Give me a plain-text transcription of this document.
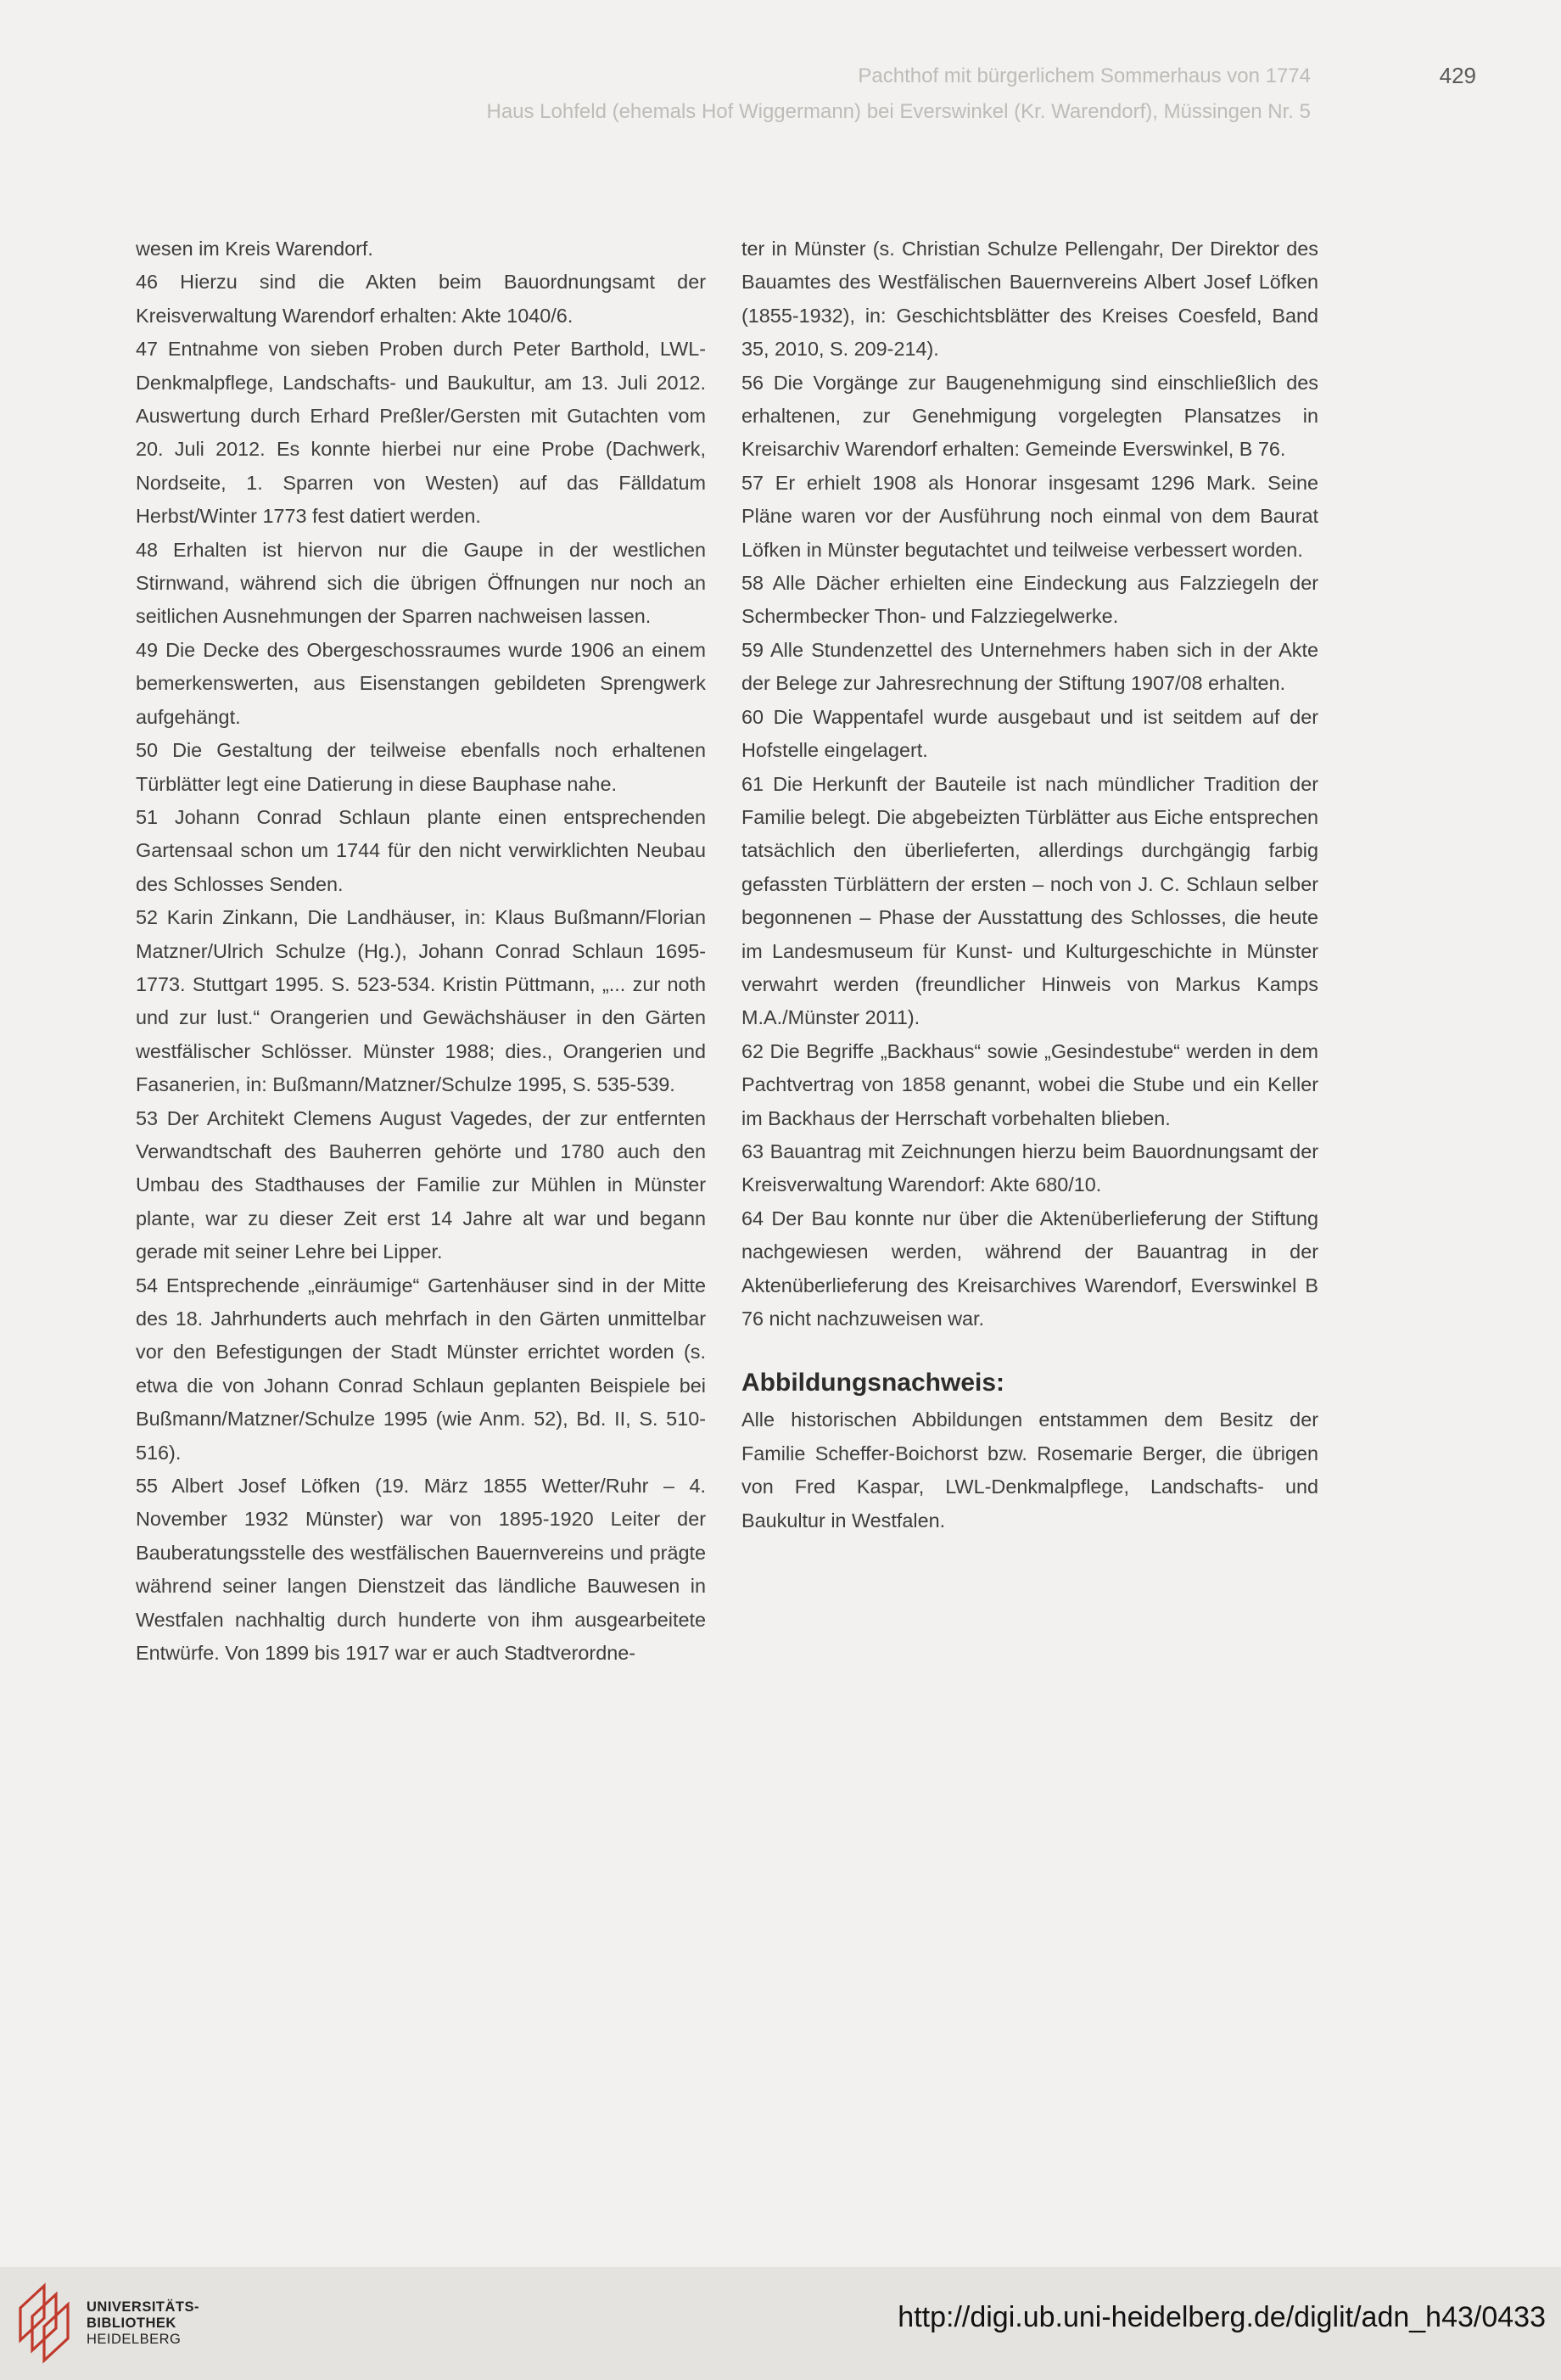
Pachthof mit bürgerlichem Sommerhaus von 1774

Haus Lohfeld (ehemals Hof Wiggermann) bei Everswinkel (Kr. Warendorf), Müssingen Nr. 5

429

wesen im Kreis Warendorf.

46 Hierzu sind die Akten beim Bauordnungsamt der Kreisverwaltung Warendorf erhalten: Akte 1040/6.

47 Entnahme von sieben Proben durch Peter Barthold, LWL-Denkmalpflege, Landschafts- und Baukultur, am 13. Juli 2012. Auswertung durch Erhard Preßler/Gersten mit Gutachten vom 20. Juli 2012. Es konnte hierbei nur eine Probe (Dachwerk, Nordseite, 1. Sparren von Westen) auf das Fälldatum Herbst/Winter 1773 fest datiert werden.

48 Erhalten ist hiervon nur die Gaupe in der westlichen Stirnwand, während sich die übrigen Öffnungen nur noch an seitlichen Ausnehmungen der Sparren nachweisen lassen.

49 Die Decke des Obergeschossraumes wurde 1906 an einem bemerkenswerten, aus Eisenstangen gebildeten Sprengwerk aufgehängt.

50 Die Gestaltung der teilweise ebenfalls noch erhaltenen Türblätter legt eine Datierung in diese Bauphase nahe.

51 Johann Conrad Schlaun plante einen entsprechenden Gartensaal schon um 1744 für den nicht verwirklichten Neubau des Schlosses Senden.

52 Karin Zinkann, Die Landhäuser, in: Klaus Bußmann/Florian Matzner/Ulrich Schulze (Hg.), Johann Conrad Schlaun 1695-1773. Stuttgart 1995. S. 523-534. Kristin Püttmann, „... zur noth und zur lust.“ Orangerien und Gewächshäuser in den Gärten westfälischer Schlösser. Münster 1988; dies., Orangerien und Fasanerien, in: Bußmann/Matzner/Schulze 1995, S. 535-539.

53 Der Architekt Clemens August Vagedes, der zur entfernten Verwandtschaft des Bauherren gehörte und 1780 auch den Umbau des Stadthauses der Familie zur Mühlen in Münster plante, war zu dieser Zeit erst 14 Jahre alt war und begann gerade mit seiner Lehre bei Lipper.

54 Entsprechende „einräumige“ Gartenhäuser sind in der Mitte des 18. Jahrhunderts auch mehrfach in den Gärten unmittelbar vor den Befestigungen der Stadt Münster errichtet worden (s. etwa die von Johann Conrad Schlaun geplanten Beispiele bei Bußmann/Matzner/Schulze 1995 (wie Anm. 52), Bd. II, S. 510-516).

55 Albert Josef Löfken (19. März 1855 Wetter/Ruhr – 4. November 1932 Münster) war von 1895-1920 Leiter der Bauberatungsstelle des westfälischen Bauernvereins und prägte während seiner langen Dienstzeit das ländliche Bauwesen in Westfalen nachhaltig durch hunderte von ihm ausgearbeitete Entwürfe. Von 1899 bis 1917 war er auch Stadtverordne-

ter in Münster (s. Christian Schulze Pellengahr, Der Direktor des Bauamtes des Westfälischen Bauernvereins Albert Josef Löfken (1855-1932), in: Geschichtsblätter des Kreises Coesfeld, Band 35, 2010, S. 209-214).

56 Die Vorgänge zur Baugenehmigung sind einschließlich des erhaltenen, zur Genehmigung vorgelegten Plansatzes in Kreisarchiv Warendorf erhalten: Gemeinde Everswinkel, B 76.

57 Er erhielt 1908 als Honorar insgesamt 1296 Mark. Seine Pläne waren vor der Ausführung noch einmal von dem Baurat Löfken in Münster begutachtet und teilweise verbessert worden.

58 Alle Dächer erhielten eine Eindeckung aus Falzziegeln der Schermbecker Thon- und Falzziegelwerke.

59 Alle Stundenzettel des Unternehmers haben sich in der Akte der Belege zur Jahresrechnung der Stiftung 1907/08 erhalten.

60 Die Wappentafel wurde ausgebaut und ist seitdem auf der Hofstelle eingelagert.

61 Die Herkunft der Bauteile ist nach mündlicher Tradition der Familie belegt. Die abgebeizten Türblätter aus Eiche entsprechen tatsächlich den überlieferten, allerdings durchgängig farbig gefassten Türblättern der ersten – noch von J. C. Schlaun selber begonnenen – Phase der Ausstattung des Schlosses, die heute im Landesmuseum für Kunst- und Kulturgeschichte in Münster verwahrt werden (freundlicher Hinweis von Markus Kamps M.A./Münster 2011).

62 Die Begriffe „Backhaus“ sowie „Gesindestube“ werden in dem Pachtvertrag von 1858 genannt, wobei die Stube und ein Keller im Backhaus der Herrschaft vorbehalten blieben.

63 Bauantrag mit Zeichnungen hierzu beim Bauordnungsamt der Kreisverwaltung Warendorf: Akte 680/10.

64 Der Bau konnte nur über die Aktenüberlieferung der Stiftung nachgewiesen werden, während der Bauantrag in der Aktenüberlieferung des Kreisarchives Warendorf, Everswinkel B 76 nicht nachzuweisen war.

Abbildungsnachweis:

Alle historischen Abbildungen entstammen dem Besitz der Familie Scheffer-Boichorst bzw. Rosemarie Berger, die übrigen von Fred Kaspar, LWL-Denkmalpflege, Landschafts- und Baukultur in Westfalen.

UNIVERSITÄTS-
BIBLIOTHEK
HEIDELBERG
http://digi.ub.uni-heidelberg.de/diglit/adn_h43/0433
